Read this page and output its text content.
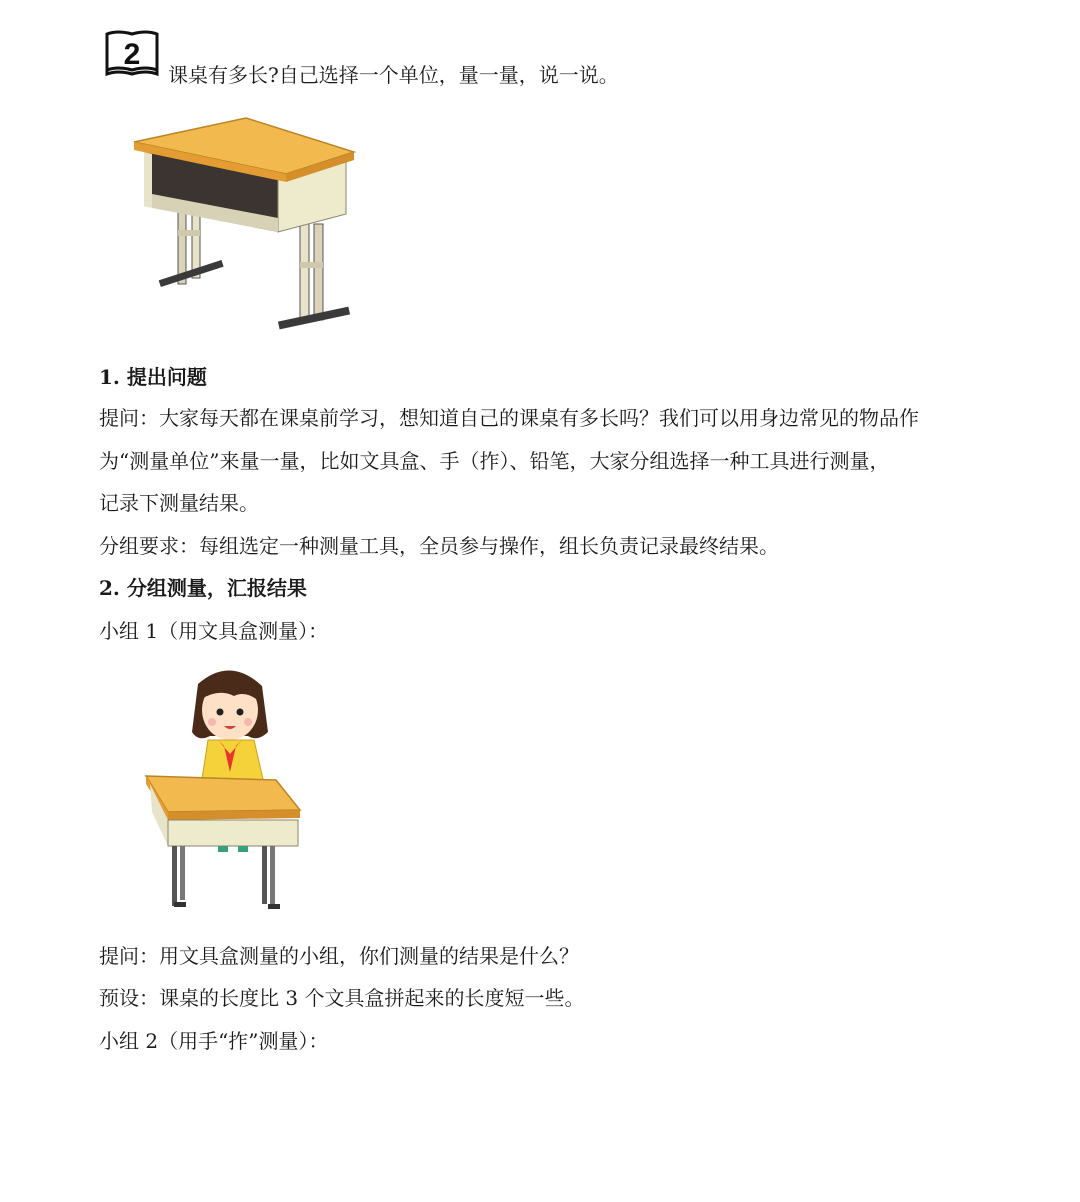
2
课桌有多长?自己选择一个单位，量一量，说一说。
1. 提出问题
提问：大家每天都在课桌前学习，想知道自己的课桌有多长吗？我们可以用身边常见的物品作
为“测量单位”来量一量，比如文具盒、手（拃）、铅笔，大家分组选择一种工具进行测量，
记录下测量结果。
分组要求：每组选定一种测量工具，全员参与操作，组长负责记录最终结果。
2. 分组测量，汇报结果
小组 1（用文具盒测量）：
提问：用文具盒测量的小组，你们测量的结果是什么？
预设：课桌的长度比 3 个文具盒拼起来的长度短一些。
小组 2（用手“拃”测量）：
